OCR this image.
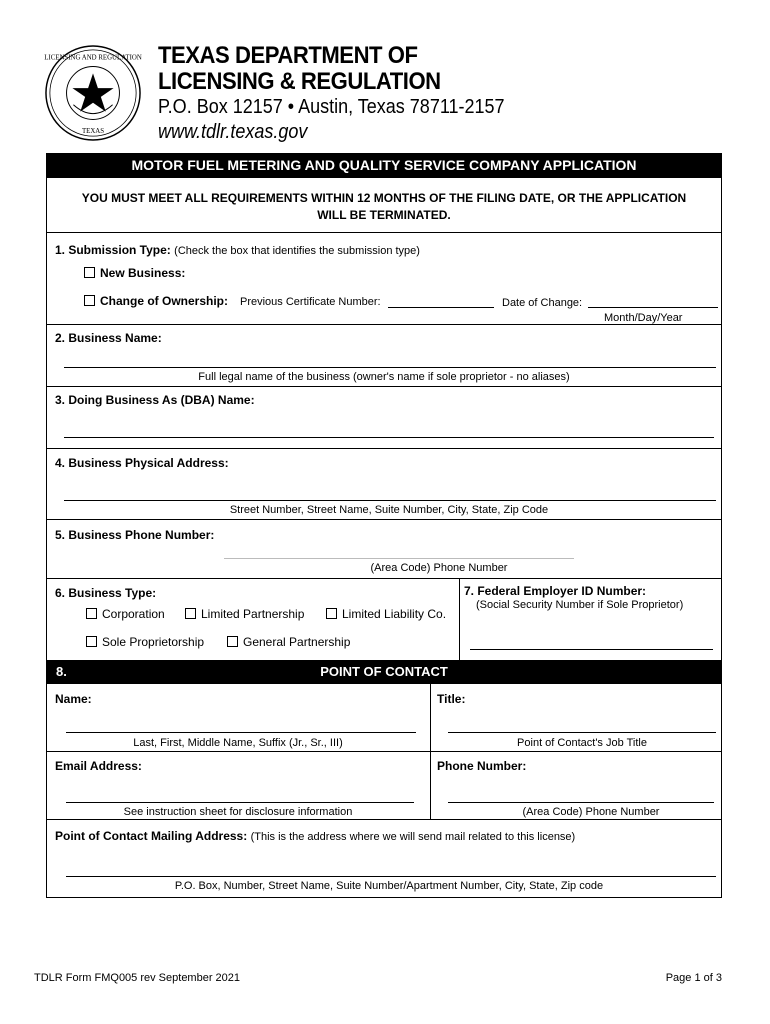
LICENSING AND REGULATION
TEXAS
TEXAS DEPARTMENT OF
LICENSING & REGULATION
P.O. Box 12157 • Austin, Texas 78711-2157
www.tdlr.texas.gov
MOTOR FUEL METERING AND QUALITY SERVICE COMPANY APPLICATION
YOU MUST MEET ALL REQUIREMENTS WITHIN 12 MONTHS OF THE FILING DATE, OR THE APPLICATION
WILL BE TERMINATED.
1. Submission Type: (Check the box that identifies the submission type)
New Business:
Change of Ownership: Previous Certificate Number:	Date of Change:
Month/Day/Year
2. Business Name:
Full legal name of the business (owner's name if sole proprietor - no aliases)
3. Doing Business As (DBA) Name:
4. Business Physical Address:
Street Number, Street Name, Suite Number, City, State, Zip Code
5. Business Phone Number:
(Area Code) Phone Number
6. Business Type:
Corporation	Limited Partnership	Limited Liability Co.
Sole Proprietorship	General Partnership
7. Federal Employer ID Number:
(Social Security Number if Sole Proprietor)
8.	POINT OF CONTACT
Name:
Last, First, Middle Name, Suffix (Jr., Sr., III)
Title:
Point of Contact's Job Title
Email Address:
See instruction sheet for disclosure information
Phone Number:
(Area Code) Phone Number
Point of Contact Mailing Address: (This is the address where we will send mail related to this license)
P.O. Box, Number, Street Name, Suite Number/Apartment Number, City, State, Zip code
TDLR Form FMQ005 rev September 2021	Page 1 of 3
